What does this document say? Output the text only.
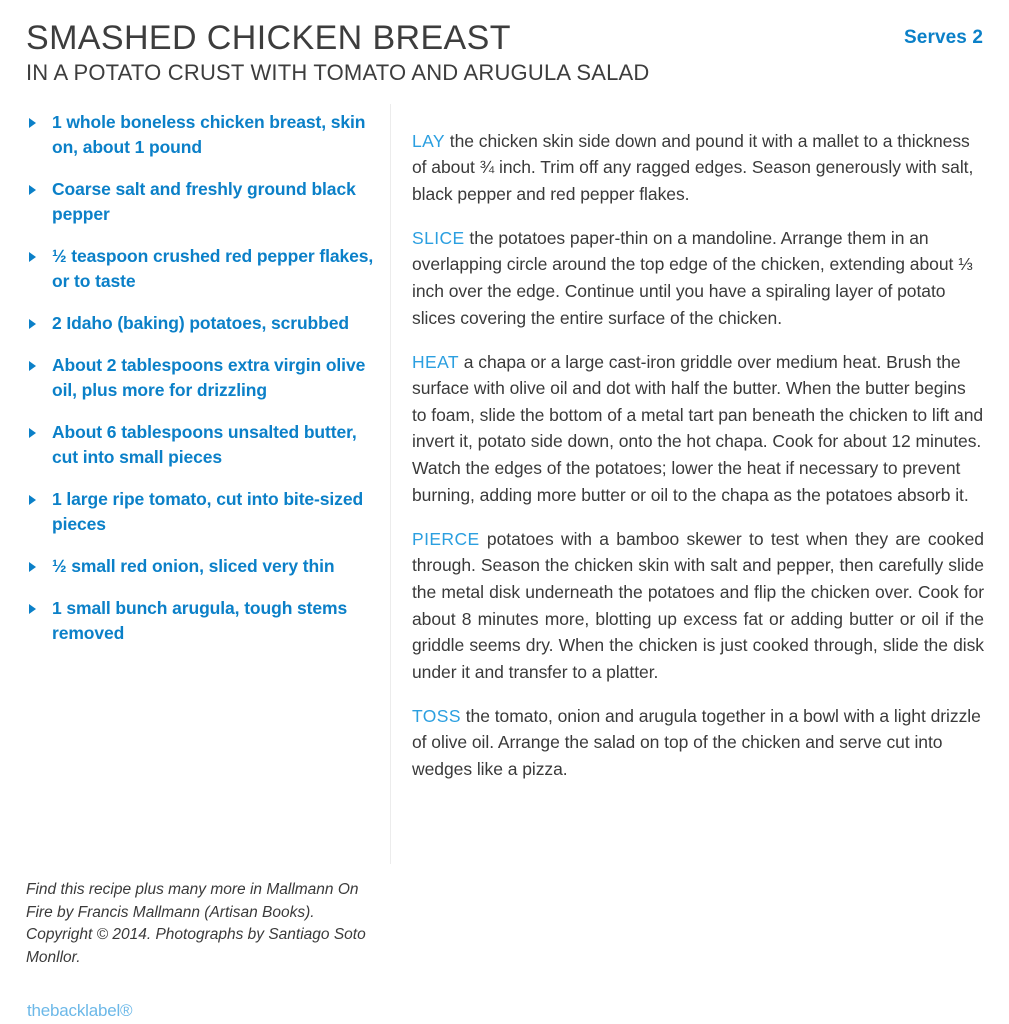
SMASHED CHICKEN BREAST
IN A POTATO CRUST WITH TOMATO AND ARUGULA SALAD
Serves 2
1 whole boneless chicken breast, skin on, about 1 pound
Coarse salt and freshly ground black pepper
½ teaspoon crushed red pepper flakes, or to taste
2 Idaho (baking) potatoes, scrubbed
About 2 tablespoons extra virgin olive oil, plus more for drizzling
About 6 tablespoons unsalted butter, cut into small pieces
1 large ripe tomato, cut into bite-sized pieces
½ small red onion, sliced very thin
1 small bunch arugula, tough stems removed
Find this recipe plus many more in Mallmann On Fire by Francis Mallmann (Artisan Books). Copyright © 2014. Photographs by Santiago Soto Monllor.
thebacklabel®

LAY the chicken skin side down and pound it with a mallet to a thickness of about ¾ inch. Trim off any ragged edges. Season generously with salt, black pepper and red pepper flakes.

SLICE the potatoes paper-thin on a mandoline. Arrange them in an overlapping circle around the top edge of the chicken, extending about ⅓ inch over the edge. Continue until you have a spiraling layer of potato slices covering the entire surface of the chicken.

HEAT a chapa or a large cast-iron griddle over medium heat. Brush the surface with olive oil and dot with half the butter. When the butter begins to foam, slide the bottom of a metal tart pan beneath the chicken to lift and invert it, potato side down, onto the hot chapa. Cook for about 12 minutes. Watch the edges of the potatoes; lower the heat if necessary to prevent burning, adding more butter or oil to the chapa as the potatoes absorb it.

PIERCE potatoes with a bamboo skewer to test when they are cooked through. Season the chicken skin with salt and pepper, then carefully slide the metal disk underneath the potatoes and flip the chicken over. Cook for about 8 minutes more, blotting up excess fat or adding butter or oil if the griddle seems dry. When the chicken is just cooked through, slide the disk under it and transfer to a platter.

TOSS the tomato, onion and arugula together in a bowl with a light drizzle of olive oil. Arrange the salad on top of the chicken and serve cut into wedges like a pizza.
